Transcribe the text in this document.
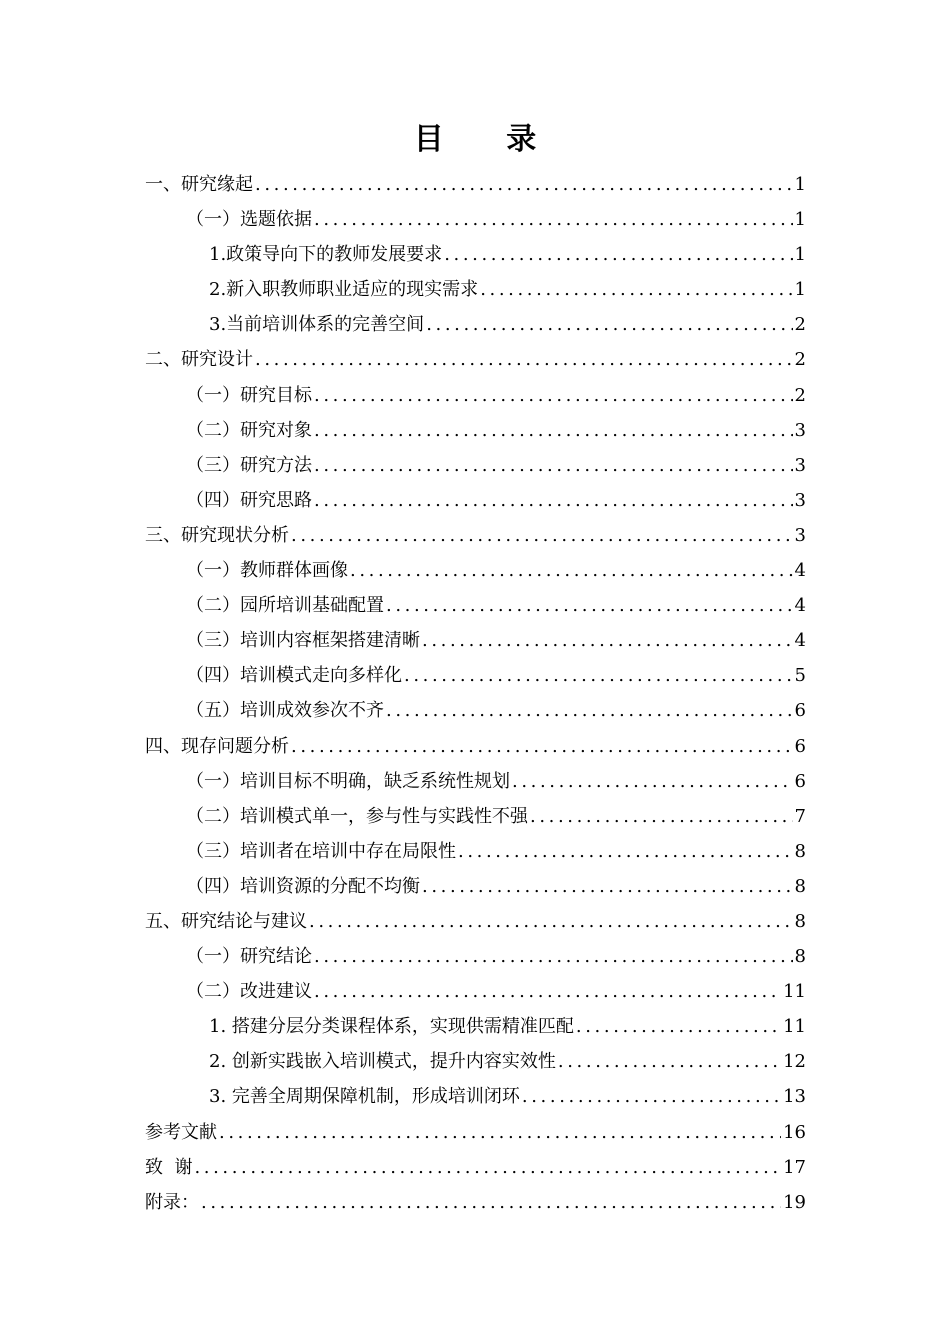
目 录
一、研究缘起 .....	1
（一）选题依据 .....	1
1.政策导向下的教师发展要求 .....	1
2.新入职教师职业适应的现实需求 .....	1
3.当前培训体系的完善空间 .....	2
二、研究设计 .....	2
（一）研究目标 .....	2
（二）研究对象 .....	3
（三）研究方法 .....	3
（四）研究思路 .....	3
三、研究现状分析 .....	3
（一）教师群体画像 .....	4
（二）园所培训基础配置 .....	4
（三）培训内容框架搭建清晰 .....	4
（四）培训模式走向多样化 .....	5
（五）培训成效参次不齐 .....	6
四、现存问题分析 .....	6
（一）培训目标不明确，缺乏系统性规划 .....	6
（二）培训模式单一，参与性与实践性不强 .....	7
（三）培训者在培训中存在局限性 .....	8
（四）培训资源的分配不均衡 .....	8
五、研究结论与建议 .....	8
（一）研究结论 .....	8
（二）改进建议 .....	11
1. 搭建分层分类课程体系，实现供需精准匹配 .....	11
2. 创新实践嵌入培训模式，提升内容实效性 .....	12
3. 完善全周期保障机制，形成培训闭环 .....	13
参考文献 .....	16
致  谢 .....	17
附录： .....	19
